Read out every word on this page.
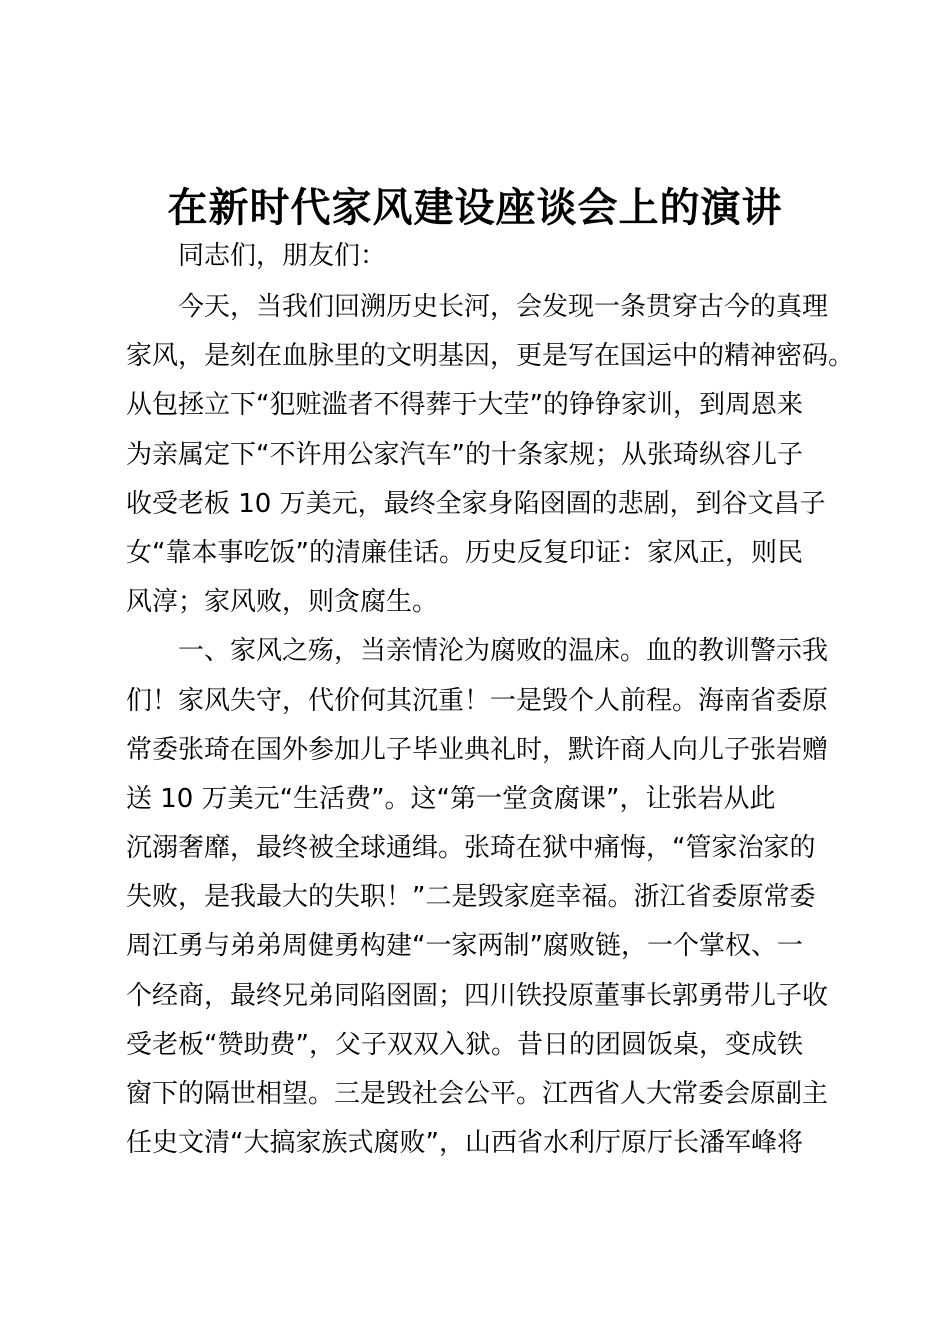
在新时代家风建设座谈会上的演讲
同志们，朋友们：
今天，当我们回溯历史长河，会发现一条贯穿古今的真理
家风，是刻在血脉里的文明基因，更是写在国运中的精神密码。
从包拯立下“犯赃滥者不得葬于大茔”的铮铮家训，到周恩来
为亲属定下“不许用公家汽车”的十条家规；从张琦纵容儿子
收受老板 10 万美元，最终全家身陷囹圄的悲剧，到谷文昌子
女“靠本事吃饭”的清廉佳话。历史反复印证：家风正，则民
风淳；家风败，则贪腐生。
一、家风之殇，当亲情沦为腐败的温床。血的教训警示我
们！家风失守，代价何其沉重！一是毁个人前程。海南省委原
常委张琦在国外参加儿子毕业典礼时，默许商人向儿子张岩赠
送 10 万美元“生活费”。这“第一堂贪腐课”，让张岩从此
沉溺奢靡，最终被全球通缉。张琦在狱中痛悔，“管家治家的
失败，是我最大的失职！”二是毁家庭幸福。浙江省委原常委
周江勇与弟弟周健勇构建“一家两制”腐败链，一个掌权、一
个经商，最终兄弟同陷囹圄；四川铁投原董事长郭勇带儿子收
受老板“赞助费”，父子双双入狱。昔日的团圆饭桌，变成铁
窗下的隔世相望。三是毁社会公平。江西省人大常委会原副主
任史文清“大搞家族式腐败”，山西省水利厅原厅长潘军峰将
